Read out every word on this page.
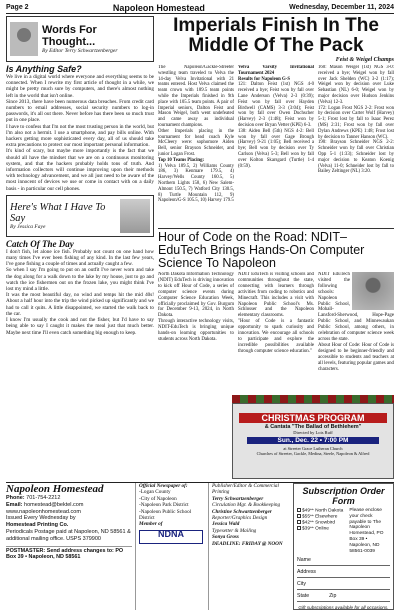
Page 2	Napoleon Homestead	Wednesday, December 11, 2024
Words For Thought...
By Editor Terry Schwartzenberger
Is Anything Safe?

We live in a digital world where everyone and everything seems to be connected. When I rewrite my first article of thought in a while, we might be pretty much sure by computers, and there's almost nothing left in the world that isn't online.

Since 2013, there have been numerous data breaches. From credit card numbers to email addresses, social security numbers to log-in passwords, it's all out there. Never before has there been so much trust put in one place.

I have to confess that I'm not the most trusting person in the world, but I'm also not a hermit. I use a smartphone, and pay bills online. With hackers getting more sophisticated every day, all of us should take extra precautions to protect our most important personal information.

It's kind of scary, but maybe more importantly is the fact that we should all have the mindset that we are on a continuous monitoring system, and that the hackers probably holds tons of truth. And information collectors will continue improving upon their methods with technology advancement, and we all just need to be aware of the most innocent of devices we use or come in contact with on a daily basis - in particular our cell phones.

Here's What I Have To Say
By Jessica Faye
Catch Of The Day

I don't fish, let alone ice fish. Probably not count on one hand how many times I've ever been fishing of any kind. In the last few years, I've gone fishing a couple of times and actually caught a few.

So when I say I'm going to put on an outfit I've never worn and take the dog along for a walk down to the lake by my house, just to go and watch the ice fishermen out on the frozen lake, you might think I've lost my mind a little.

It was the most beautiful day, no wind and temps hit the mid 40s! About a half hour into the trip the wind picked up significantly and we had to call it quits. A little disappointed, we started the walk back to the car.

I know I'm usually the cook and not the fisher, but I'd have to say being able to say I caught it makes the meal just that much better. Maybe next time I'll even catch something big enough to keep.

Imperials Finish In The Middle Of The Pack
Feist & Weigel Champs

The Napoleon/Gackle-Streeter wrestling team traveled to Velva the 14-day Velva Invitational with 21 teams entered. Host Velva claimed the team crown with 189.5 team points while the Imperials finished in 9th place with 105.5 team points. A pair of Imperial seniors, Dalton Feist and Mason Weigel, both went undefeated and came away as individual tournament champions.

Other Imperials placing in the tournament for head coach Kyle McCleery were: sophomore Aiden Bell, senior Brayson Schneider, and junior Logan Frost.

Top 10 Teams Placing:

1) Velva 189.5, 2) Williams County 186, 3) Kenmare 179.5, 4) Harvey/Wells County 160.5, 5) Northern Lights 158, 6) New Salem-Almont 150.5, 7) Watford City 130.5, 8) Turtle Mountain 112, 9) Napoleon/G-S 105.5, 10) Harvey 179.5

Velva Varsity Invitational Tournament 2024

Results for Napoleon G-S

121: Dalton Feist (1st) NGS 4-0 received a bye; Feist won by fall over Lane Anderson (Velva) 2-3 (0:39); Feist won by fall over Hayden Birdwell (CAMS) 3-3 (3:04); Feist won by fall over Owen Duchscher (Harvey) 2-3 (1:48); Feist won by decision over Bryan Vetter (KPE) 6-3.

138: Aiden Bell (5th) NGS 4-2: Bell won by fall over Gage Brough (Harvey) 9-21 (1:05); Bell received a bye; Bell won by decision over Ty Carlson (Velva) 5-3; Bell won by fall over Kolton Skarsgard (Turtle) 1-4 (0:59).

160: Mason Weigel (1st) NGS 3-0: received a bye; Weigel won by fall over Jack Shelden (WC) 3-2 (1:17); Weigel won by decision over Luke Sebastian (NL) 6-0; Weigel won by major decision over Hudson Jenkins (Velva) 12-3.

172: Logan Frost NGS 2-2: Frost won by decision over Carter Wolf (Harvey) 5-1; Frost lost by fall to Isaac Perez (MS) 2:31; Frost won by fall over Dylan Andrews (KPE) 1:48; Frost lost by decision to Tanner Hanson (WC).

190: Brayson Schneider NGS 2-2: Schneider won by fall over Christian Opp 5-1 (1:33); Schneider lost by major decision to Keaton Koenig (Velva) 11-0; Schneider lost by fall to Bailey Zeltinger (NL) 3:20.

Hour of Code on the Road: NDIT–EduTech Brings Hands-On Computer Science To Napoleon

North Dakota Information Technology (NDIT) EduTech is driving innovation to kick off Hour of Code, a series of computer science events during Computer Science Education Week, officially proclaimed by Gov. Burgum for December 9-13, 2024, in North Dakota.

Through interactive technology visits, NDIT-EduTech is bringing unique hands-on learning opportunities to students across North Dakota.

NDIT EduTech is visiting schools and communities throughout the state, connecting with learners through activities from coding to robotics and Minecraft. This includes a visit with Napoleon Public School's Ms. Schlosser and the Napoleon elementary classrooms.

"Hour of Code is a fantastic opportunity to spark curiosity and innovation. We encourage all schools to participate and explore the incredible possibilities available through computer science education."

NDIT EduTech visited the following schools: Napoleon Public School, Mohall-Lansford-Sherwood, Hope-Page Public School, and Minnewaukan Public School, among others, in celebration of computer science week across the state.

About Hour of Code: Hour of Code is designed to be beginner-friendly and accessible to students and teachers at all levels, featuring popular games and characters.

CHRISTMAS PROGRAM
& Cantata "The Ballad of Bethlehem"
Directed by Lois Ruff
Sun., Dec. 22 • 7:00 PM
at Streeter Grace Lutheran Church
Churches of Streeter, Gackle, Medina, Steele, Napoleon & Alfred
Napoleon Homestead
Phone: 701-754-2212
Email: homestead@bektel.com
www.napoleonhomestead.com
Issued Every Wednesday by
Homestead Printing Co.
Periodicals Postage paid at Napoleon, ND 58561 & additional mailing office. USPS 379900
POSTMASTER: Send address changes to: PO Box 39 • Napoleon, ND 58561
Official Newspaper of:
-Logan County
-City of Napoleon
-Napoleon Park District
-Napoleon Public School District
Member of
NDNA
Publisher/Editor & Commercial Printing
Terry Schwartzenberger
Circulation Mgr. & Bookkeeping
Christine Schwartzenberger
Reporter/Graphics Design
Jessica Wald
Typesetter & Mailing
Sonya Gross
DEADLINE: FRIDAY @ NOON
Subscription Order Form
$49** North Dakota
$55** Elsewhere
$42** Snowbird
$39** Online
Please enclose your check payable to The Napoleon Homestead, PO Box 39 • Napoleon, ND 58561-0039
Name
Address
City
State	Zip
Gift subscriptions available for all occasions.
